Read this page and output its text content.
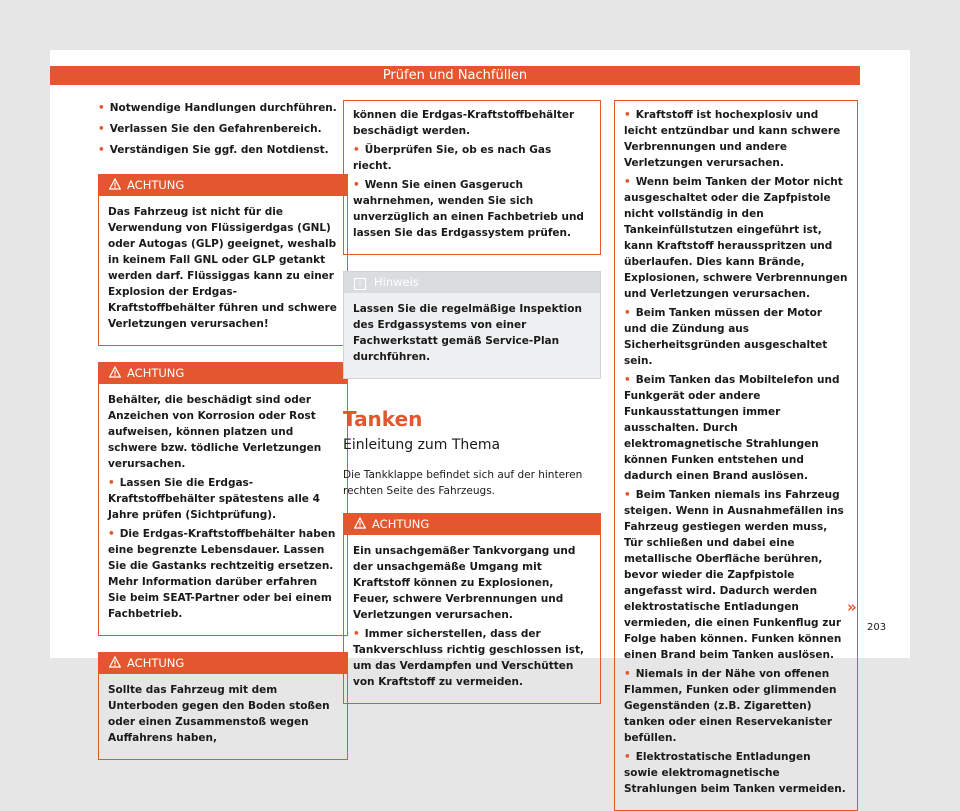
Prüfen und Nachfüllen

• Notwendige Handlungen durchführen.

• Verlassen Sie den Gefahrenbereich.

• Verständigen Sie ggf. den Notdienst.

ACHTUNG

Das Fahrzeug ist nicht für die Verwendung von Flüssigerdgas (GNL) oder Autogas (GLP) geeignet, weshalb in keinem Fall GNL oder GLP getankt werden darf. Flüssiggas kann zu einer Explosion der Erdgas-Kraftstoffbehälter führen und schwere Verletzungen verursachen!

ACHTUNG

Behälter, die beschädigt sind oder Anzeichen von Korrosion oder Rost aufweisen, können platzen und schwere bzw. tödliche Verletzungen verursachen.

• Lassen Sie die Erdgas-Kraftstoffbehälter spätestens alle 4 Jahre prüfen (Sichtprüfung).

• Die Erdgas-Kraftstoffbehälter haben eine begrenzte Lebensdauer. Lassen Sie die Gastanks rechtzeitig ersetzen. Mehr Information darüber erfahren Sie beim SEAT-Partner oder bei einem Fachbetrieb.

ACHTUNG

Sollte das Fahrzeug mit dem Unterboden gegen den Boden stoßen oder einen Zusammenstoß wegen Auffahrens haben,

können die Erdgas-Kraftstoffbehälter beschädigt werden.

• Überprüfen Sie, ob es nach Gas riecht.

• Wenn Sie einen Gasgeruch wahrnehmen, wenden Sie sich unverzüglich an einen Fachbetrieb und lassen Sie das Erdgassystem prüfen.

i Hinweis

Lassen Sie die regelmäßige Inspektion des Erdgassystems von einer Fachwerkstatt gemäß Service-Plan durchführen.

Tanken
Einleitung zum Thema

Die Tankklappe befindet sich auf der hinteren rechten Seite des Fahrzeugs.

ACHTUNG

Ein unsachgemäßer Tankvorgang und der unsachgemäße Umgang mit Kraftstoff können zu Explosionen, Feuer, schwere Verbrennungen und Verletzungen verursachen.

• Immer sicherstellen, dass der Tankverschluss richtig geschlossen ist, um das Verdampfen und Verschütten von Kraftstoff zu vermeiden.

• Kraftstoff ist hochexplosiv und leicht entzündbar und kann schwere Verbrennungen und andere Verletzungen verursachen.

• Wenn beim Tanken der Motor nicht ausgeschaltet oder die Zapfpistole nicht vollständig in den Tankeinfüllstutzen eingeführt ist, kann Kraftstoff herausspritzen und überlaufen. Dies kann Brände, Explosionen, schwere Verbrennungen und Verletzungen verursachen.

• Beim Tanken müssen der Motor und die Zündung aus Sicherheitsgründen ausgeschaltet sein.

• Beim Tanken das Mobiltelefon und Funkgerät oder andere Funkausstattungen immer ausschalten. Durch elektromagnetische Strahlungen können Funken entstehen und dadurch einen Brand auslösen.

• Beim Tanken niemals ins Fahrzeug steigen. Wenn in Ausnahmefällen ins Fahrzeug gestiegen werden muss, Tür schließen und dabei eine metallische Oberfläche berühren, bevor wieder die Zapfpistole angefasst wird. Dadurch werden elektrostatische Entladungen vermieden, die einen Funkenflug zur Folge haben können. Funken können einen Brand beim Tanken auslösen.

• Niemals in der Nähe von offenen Flammen, Funken oder glimmenden Gegenständen (z.B. Zigaretten) tanken oder einen Reservekanister befüllen.

• Elektrostatische Entladungen sowie elektromagnetische Strahlungen beim Tanken vermeiden.

»
203
